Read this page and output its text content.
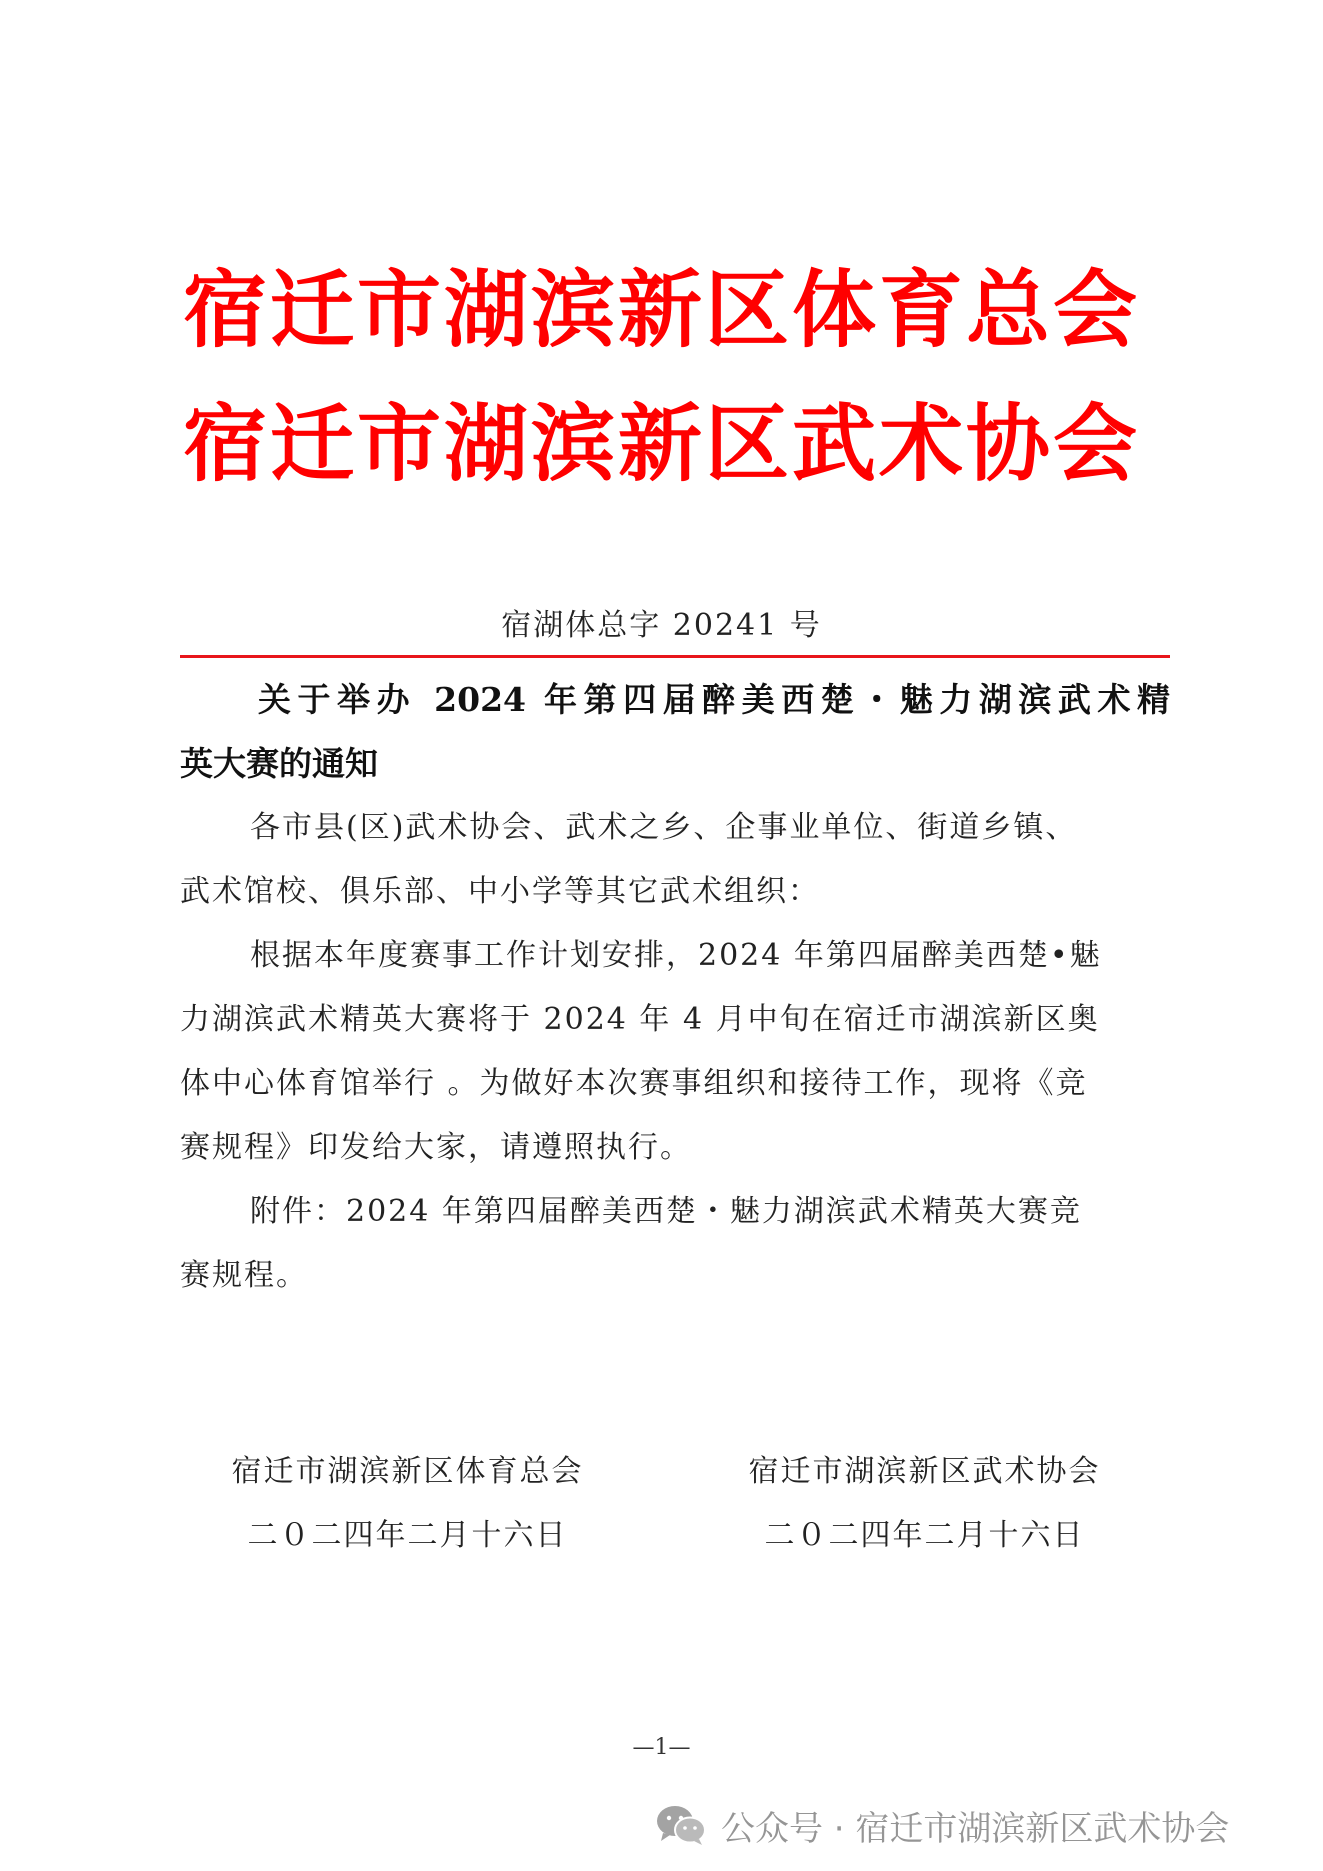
宿迁市湖滨新区体育总会
宿迁市湖滨新区武术协会
宿湖体总字 20241 号
关于举办 2024 年第四届醉美西楚・魅力湖滨武术精
英大赛的通知
各市县(区)武术协会、武术之乡、企事业单位、街道乡镇、
武术馆校、俱乐部、中小学等其它武术组织：
根据本年度赛事工作计划安排，2024 年第四届醉美西楚•魅
力湖滨武术精英大赛将于 2024 年 4 月中旬在宿迁市湖滨新区奥
体中心体育馆举行 。为做好本次赛事组织和接待工作，现将《竞
赛规程》印发给大家，请遵照执行。
附件：2024 年第四届醉美西楚・魅力湖滨武术精英大赛竞
赛规程。
宿迁市湖滨新区体育总会
二０二四年二月十六日
宿迁市湖滨新区武术协会
二０二四年二月十六日
—1—
公众号 · 宿迁市湖滨新区武术协会
